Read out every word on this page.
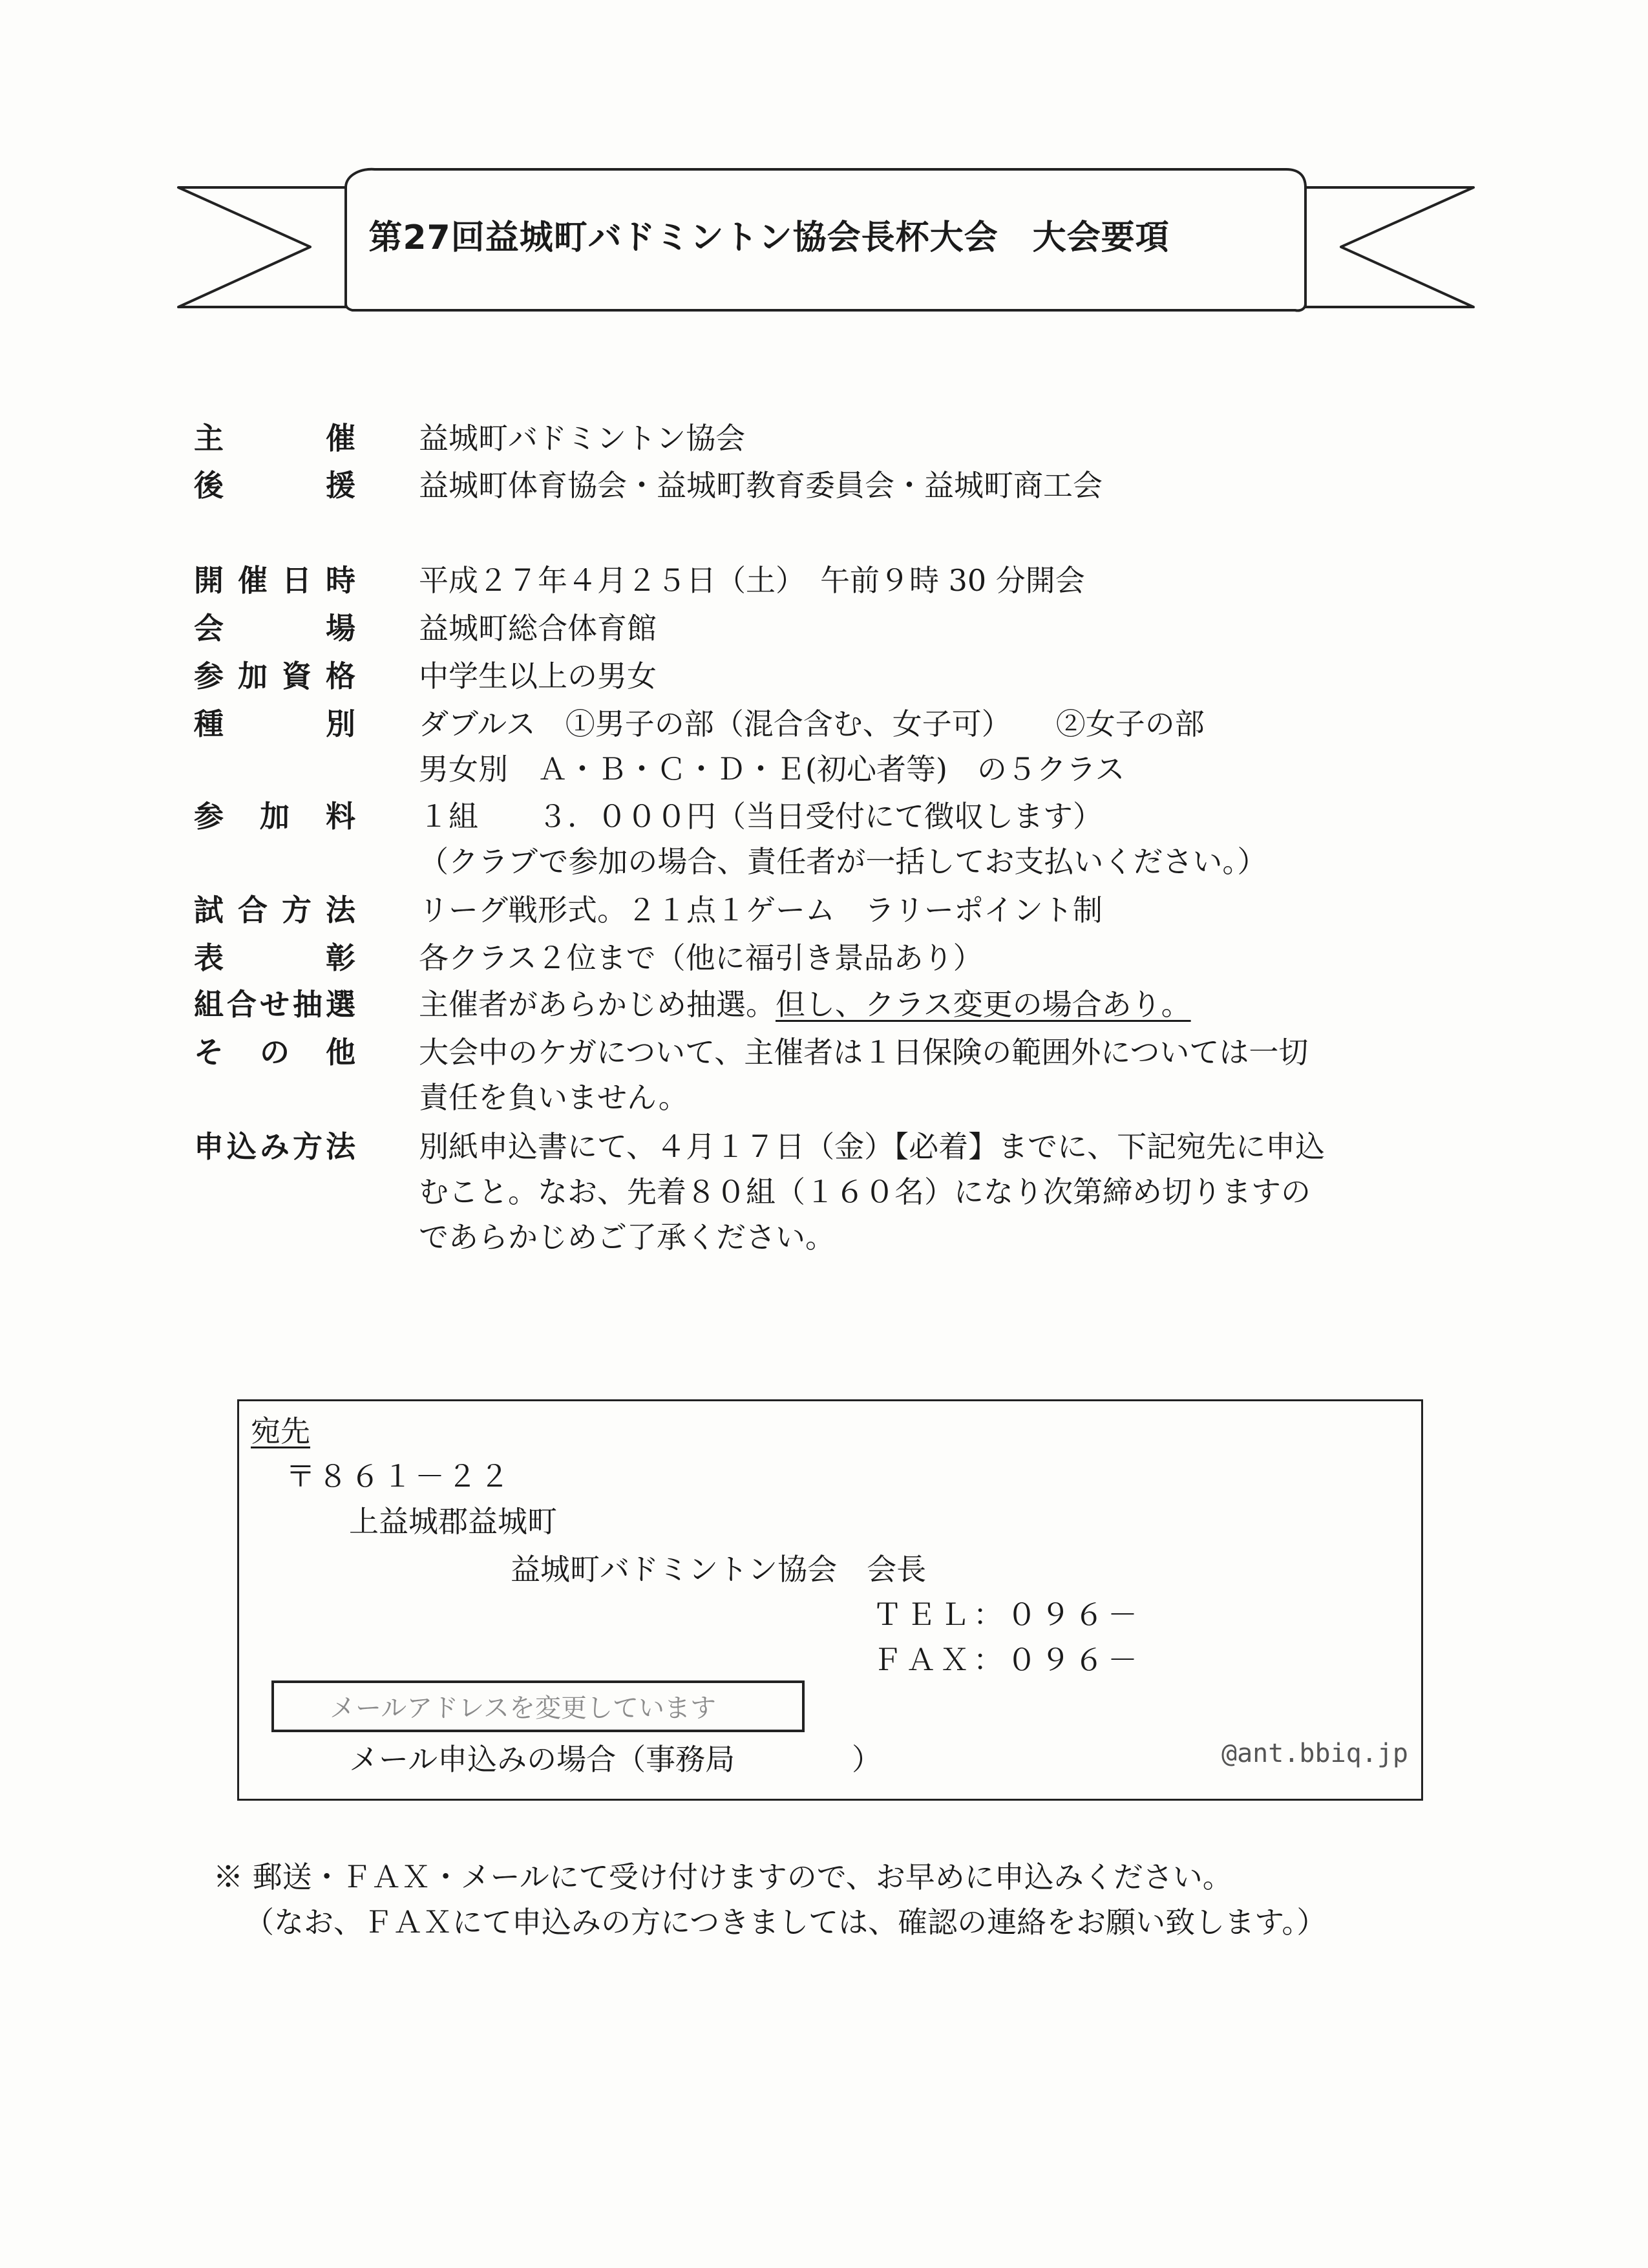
第27回益城町バドミントン協会長杯大会　大会要項
主	催 益城町バドミントン協会
後	援 益城町体育協会・益城町教育委員会・益城町商工会
開 催 日 時 平成２７年４月２５日（土）　午前９時 30 分開会
会	場 益城町総合体育館
参 加 資 格 中学生以上の男女
種	別 ダブルス　①男子の部（混合含む、女子可）　　②女子の部
男女別　Ａ・Ｂ・Ｃ・Ｄ・Ｅ(初心者等)　の５クラス
参 加 料 １組　　３．０００円（当日受付にて徴収します）
（クラブで参加の場合、責任者が一括してお支払いください。）
試 合 方 法 リーグ戦形式。２１点１ゲーム　ラリーポイント制
表	彰 各クラス２位まで（他に福引き景品あり）
組 合 せ 抽 選 主催者があらかじめ抽選。但し、クラス変更の場合あり。
そ の 他 大会中のケガについて、主催者は１日保険の範囲外については一切
責任を負いません。
申 込 み 方 法 別紙申込書にて、４月１７日（金）【必着】までに、下記宛先に申込
むこと。なお、先着８０組（１６０名）になり次第締め切りますの
であらかじめご了承ください。
宛先
〒８６１－２２
上益城郡益城町
益城町バドミントン協会　会長
ＴＥＬ：０９６－
ＦＡＸ：０９６－
メールアドレスを変更しています
メール申込みの場合（事務局	）	@ant.bbiq.jp
※ 郵送・ＦＡＸ・メールにて受け付けますので、お早めに申込みください。
（なお、ＦＡＸにて申込みの方につきましては、確認の連絡をお願い致します。）
